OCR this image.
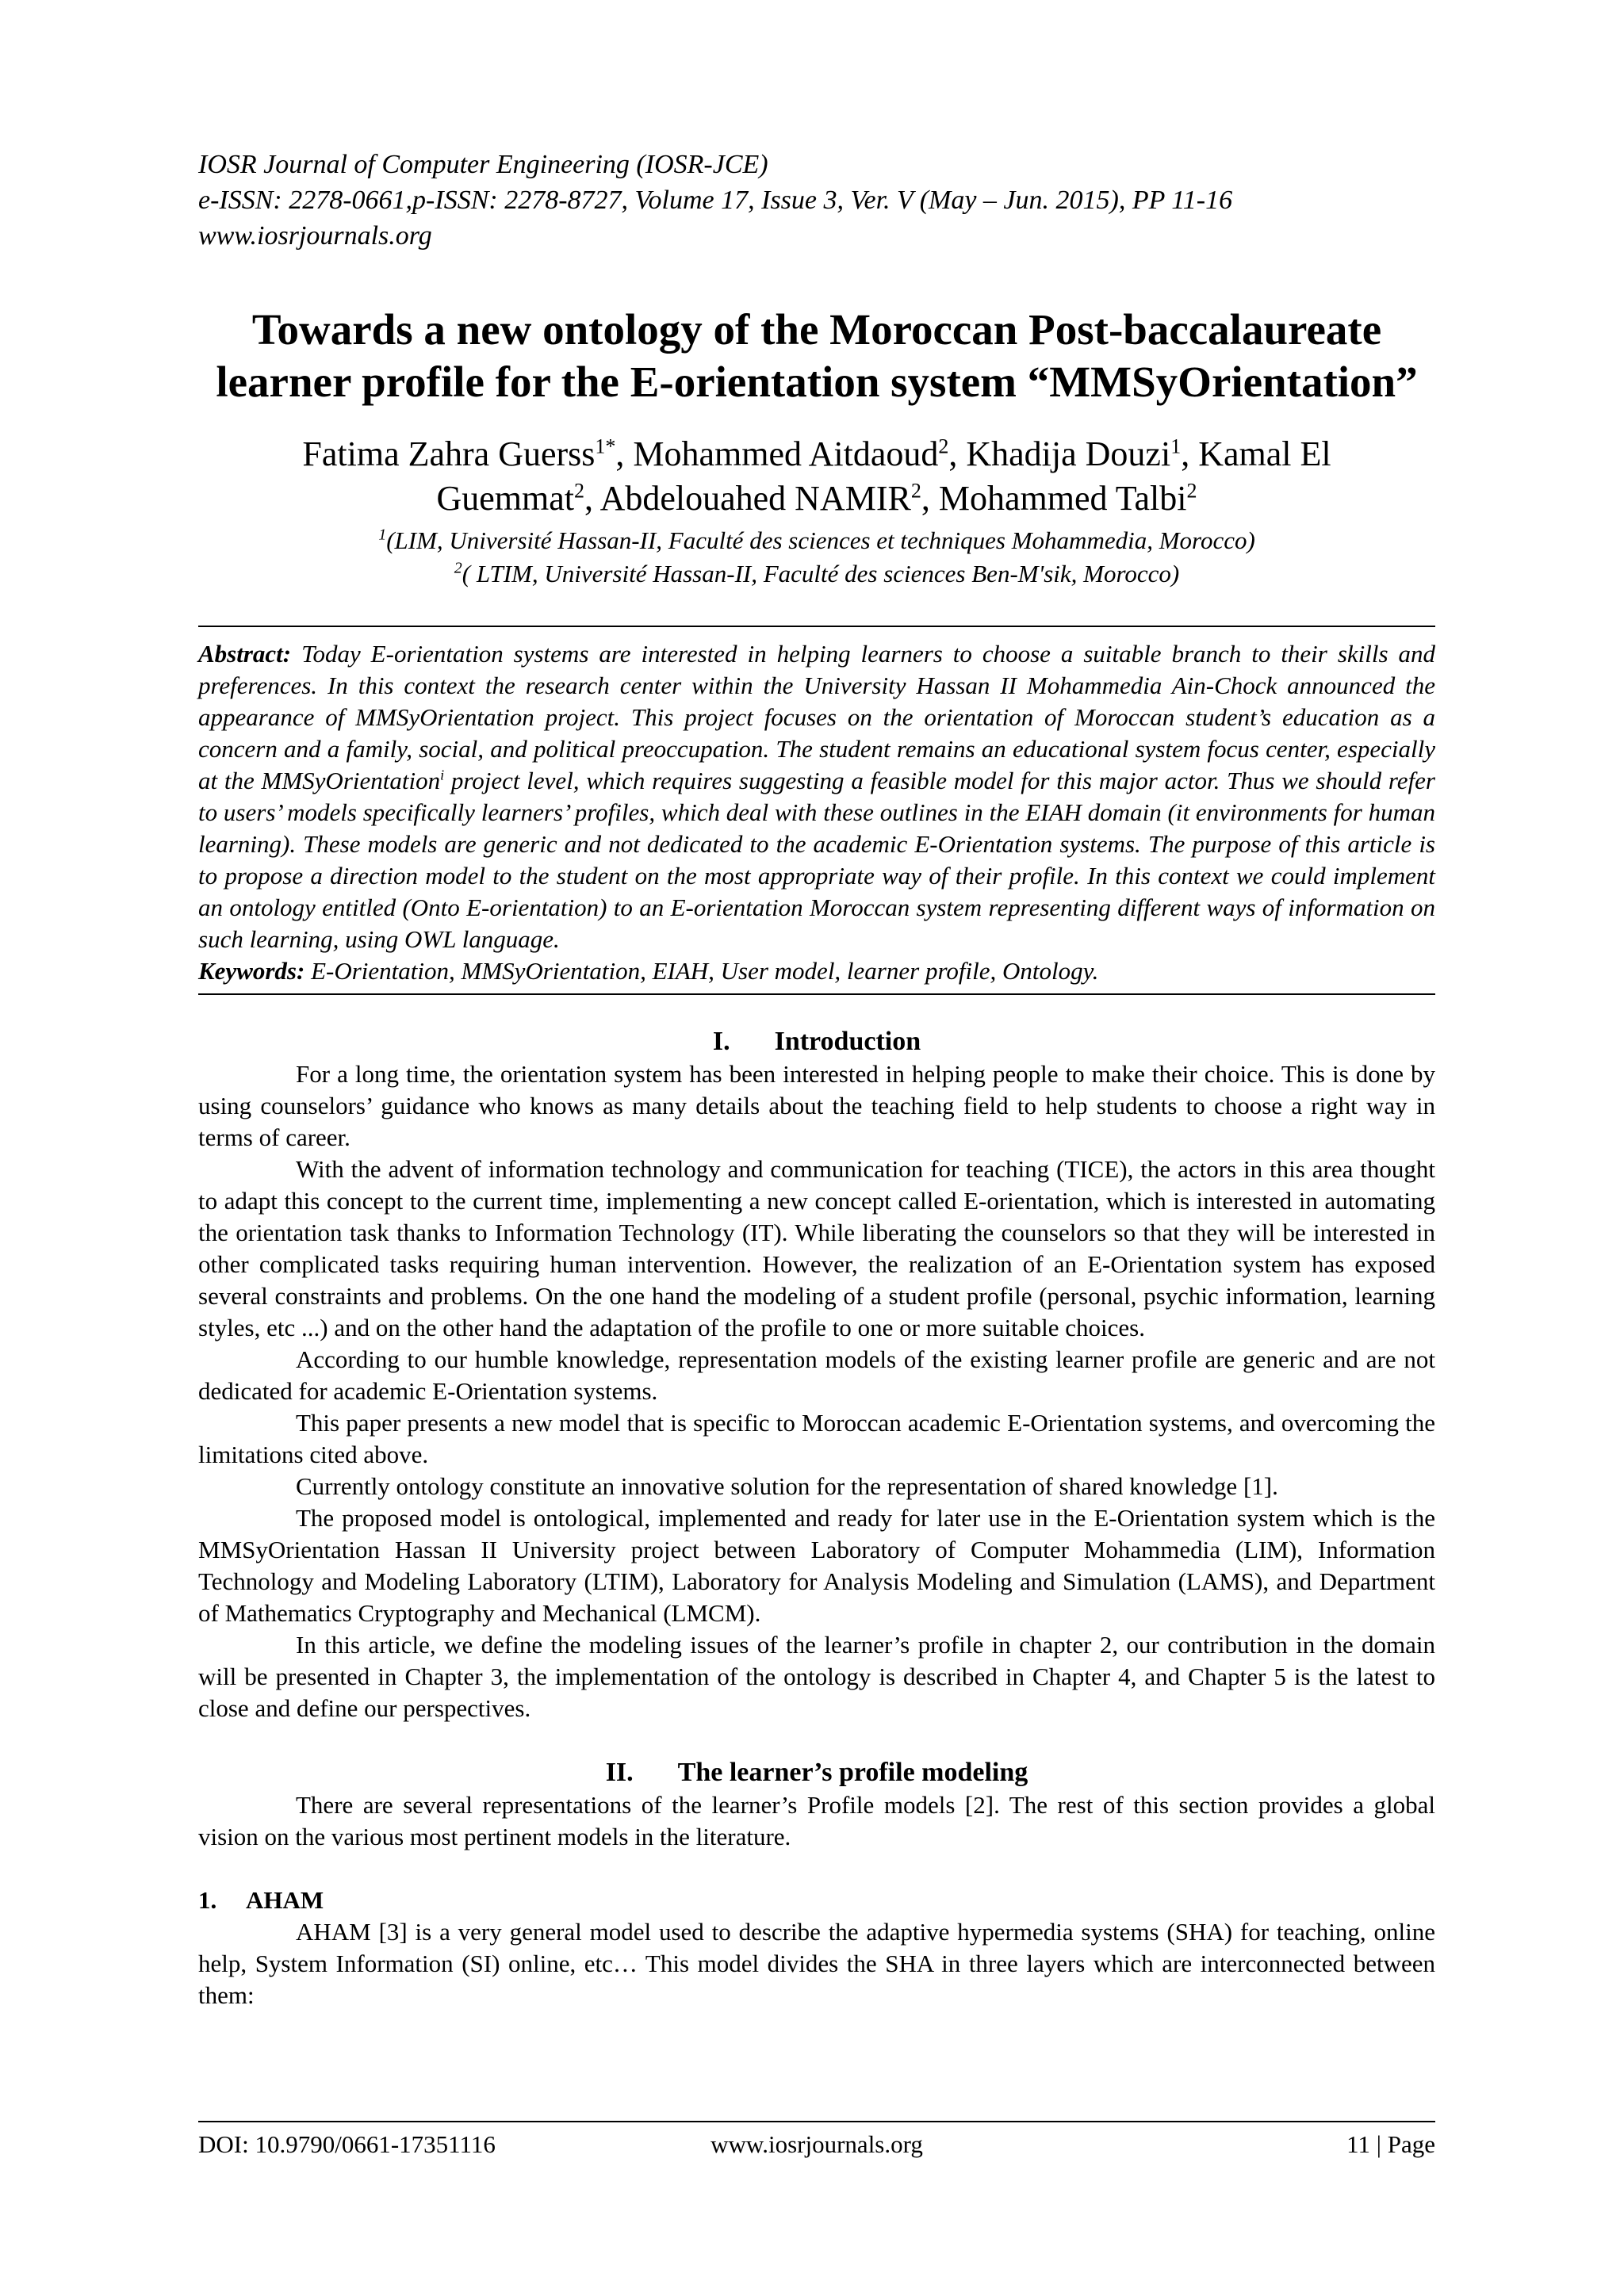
IOSR Journal of Computer Engineering (IOSR-JCE)
e-ISSN: 2278-0661,p-ISSN: 2278-8727, Volume 17, Issue 3, Ver. V (May – Jun. 2015), PP 11-16
www.iosrjournals.org
Towards a new ontology of the Moroccan Post-baccalaureate
learner profile for the E-orientation system “MMSyOrientation”
Fatima Zahra Guerss$^{1*}$, Mohammed Aitdaoud$^2$, Khadija Douzi$^1$, Kamal El Guemmat$^2$, Abdelouahed NAMIR$^2$, Mohammed Talbi$^2$
$^1$(LIM, Université Hassan-II, Faculté des sciences et techniques Mohammedia, Morocco)
$^2$( LTIM, Université Hassan-II, Faculté des sciences Ben-M'sik, Morocco)
Abstract: Today E-orientation systems are interested in helping learners to choose a suitable branch to their skills and preferences. In this context the research center within the University Hassan II Mohammedia Ain-Chock announced the appearance of MMSyOrientation project. This project focuses on the orientation of Moroccan student’s education as a concern and a family, social, and political preoccupation. The student remains an educational system focus center, especially at the MMSyOrientation$^i$ project level, which requires suggesting a feasible model for this major actor. Thus we should refer to users’ models specifically learners’ profiles, which deal with these outlines in the EIAH domain (it environments for human learning). These models are generic and not dedicated to the academic E-Orientation systems. The purpose of this article is to propose a direction model to the student on the most appropriate way of their profile. In this context we could implement an ontology entitled (Onto E-orientation) to an E-orientation Moroccan system representing different ways of information on such learning, using OWL language.
Keywords: E-Orientation, MMSyOrientation, EIAH, User model, learner profile, Ontology.
I. Introduction

For a long time, the orientation system has been interested in helping people to make their choice. This is done by using counselors’ guidance who knows as many details about the teaching field to help students to choose a right way in terms of career.

With the advent of information technology and communication for teaching (TICE), the actors in this area thought to adapt this concept to the current time, implementing a new concept called E-orientation, which is interested in automating the orientation task thanks to Information Technology (IT). While liberating the counselors so that they will be interested in other complicated tasks requiring human intervention. However, the realization of an E-Orientation system has exposed several constraints and problems. On the one hand the modeling of a student profile (personal, psychic information, learning styles, etc ...) and on the other hand the adaptation of the profile to one or more suitable choices.

According to our humble knowledge, representation models of the existing learner profile are generic and are not dedicated for academic E-Orientation systems.

This paper presents a new model that is specific to Moroccan academic E-Orientation systems, and overcoming the limitations cited above.

Currently ontology constitute an innovative solution for the representation of shared knowledge [1].

The proposed model is ontological, implemented and ready for later use in the E-Orientation system which is the MMSyOrientation Hassan II University project between Laboratory of Computer Mohammedia (LIM), Information Technology and Modeling Laboratory (LTIM), Laboratory for Analysis Modeling and Simulation (LAMS), and Department of Mathematics Cryptography and Mechanical (LMCM).

In this article, we define the modeling issues of the learner’s profile in chapter 2, our contribution in the domain will be presented in Chapter 3, the implementation of the ontology is described in Chapter 4, and Chapter 5 is the latest to close and define our perspectives.

II. The learner’s profile modeling

There are several representations of the learner’s Profile models [2]. The rest of this section provides a global vision on the various most pertinent models in the literature.

1. AHAM

AHAM [3] is a very general model used to describe the adaptive hypermedia systems (SHA) for teaching, online help, System Information (SI) online, etc… This model divides the SHA in three layers which are interconnected between them:

DOI: 10.9790/0661-17351116	www.iosrjournals.org	11 | Page
